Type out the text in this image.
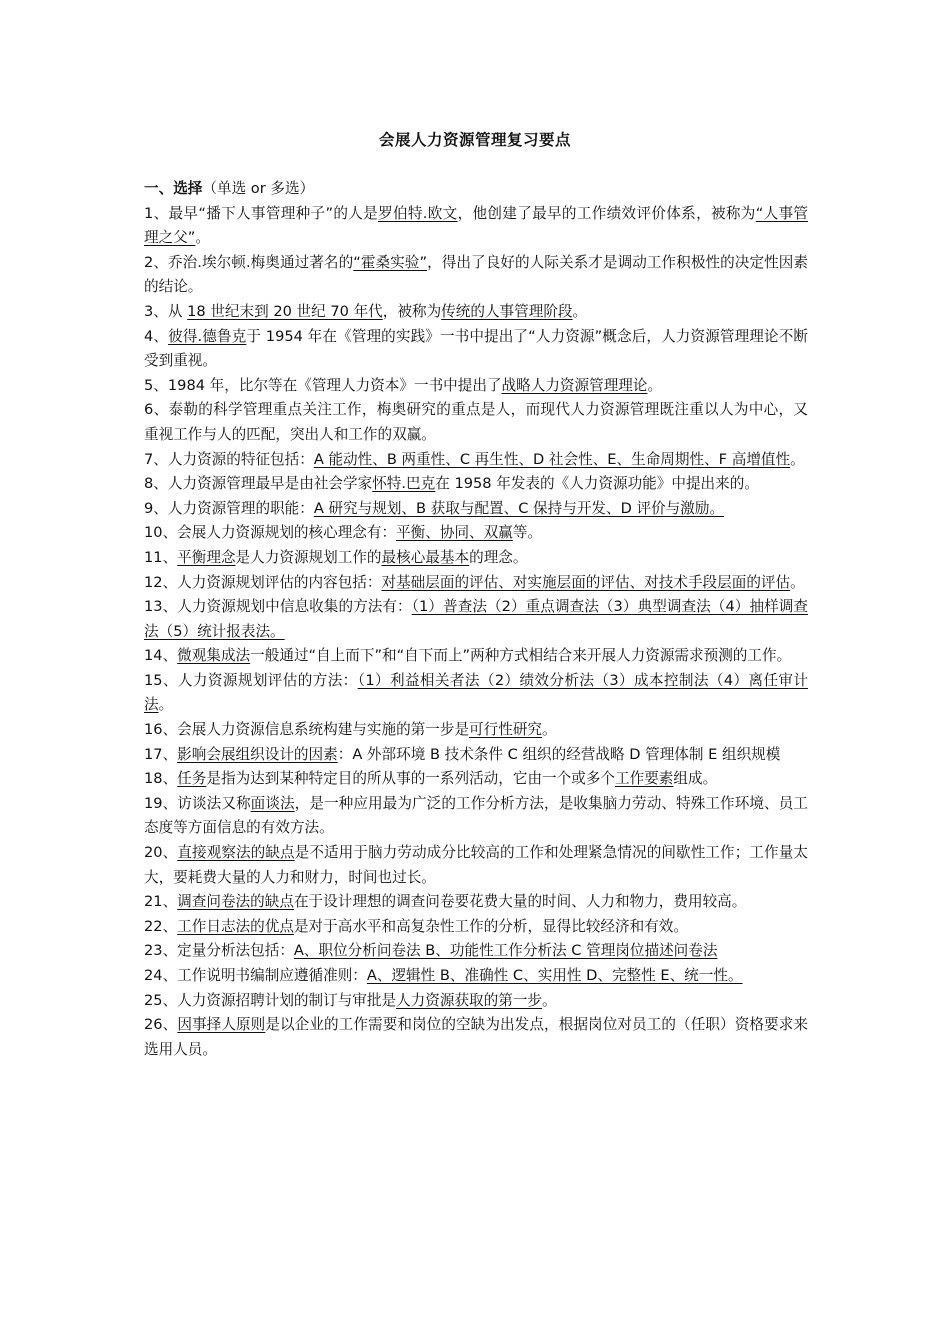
会展人力资源管理复习要点

一、选择（单选 or 多选）

1、最早“播下人事管理种子”的人是罗伯特.欧文，他创建了最早的工作绩效评价体系，被称为“人事管理之父”。

2、乔治.埃尔顿.梅奥通过著名的“霍桑实验”，得出了良好的人际关系才是调动工作积极性的决定性因素的结论。

3、从 18 世纪末到 20 世纪 70 年代，被称为传统的人事管理阶段。

4、彼得.德鲁克于 1954 年在《管理的实践》一书中提出了“人力资源”概念后，人力资源管理理论不断受到重视。

5、1984 年，比尔等在《管理人力资本》一书中提出了战略人力资源管理理论。

6、泰勒的科学管理重点关注工作，梅奥研究的重点是人，而现代人力资源管理既注重以人为中心，又重视工作与人的匹配，突出人和工作的双赢。

7、人力资源的特征包括：A 能动性、B 两重性、C 再生性、D 社会性、E、生命周期性、F 高增值性。

8、人力资源管理最早是由社会学家怀特.巴克在 1958 年发表的《人力资源功能》中提出来的。

9、人力资源管理的职能：A 研究与规划、B 获取与配置、C 保持与开发、D 评价与激励。

10、会展人力资源规划的核心理念有：平衡、协同、双赢等。

11、平衡理念是人力资源规划工作的最核心最基本的理念。

12、人力资源规划评估的内容包括：对基础层面的评估、对实施层面的评估、对技术手段层面的评估。

13、人力资源规划中信息收集的方法有：（1）普查法（2）重点调查法（3）典型调查法（4）抽样调查法（5）统计报表法。

14、微观集成法一般通过“自上而下”和“自下而上”两种方式相结合来开展人力资源需求预测的工作。

15、人力资源规划评估的方法：（1）利益相关者法（2）绩效分析法（3）成本控制法（4）离任审计法。

16、会展人力资源信息系统构建与实施的第一步是可行性研究。

17、影响会展组织设计的因素：A 外部环境 B 技术条件 C 组织的经营战略 D 管理体制 E 组织规模

18、任务是指为达到某种特定目的所从事的一系列活动，它由一个或多个工作要素组成。

19、访谈法又称面谈法，是一种应用最为广泛的工作分析方法，是收集脑力劳动、特殊工作环境、员工态度等方面信息的有效方法。

20、直接观察法的缺点是不适用于脑力劳动成分比较高的工作和处理紧急情况的间歇性工作；工作量太大，要耗费大量的人力和财力，时间也过长。

21、调查问卷法的缺点在于设计理想的调查问卷要花费大量的时间、人力和物力，费用较高。

22、工作日志法的优点是对于高水平和高复杂性工作的分析，显得比较经济和有效。

23、定量分析法包括：A、职位分析问卷法 B、功能性工作分析法 C 管理岗位描述问卷法

24、工作说明书编制应遵循准则：A、逻辑性 B、准确性 C、实用性 D、完整性 E、统一性。

25、人力资源招聘计划的制订与审批是人力资源获取的第一步。

26、因事择人原则是以企业的工作需要和岗位的空缺为出发点，根据岗位对员工的（任职）资格要求来选用人员。
